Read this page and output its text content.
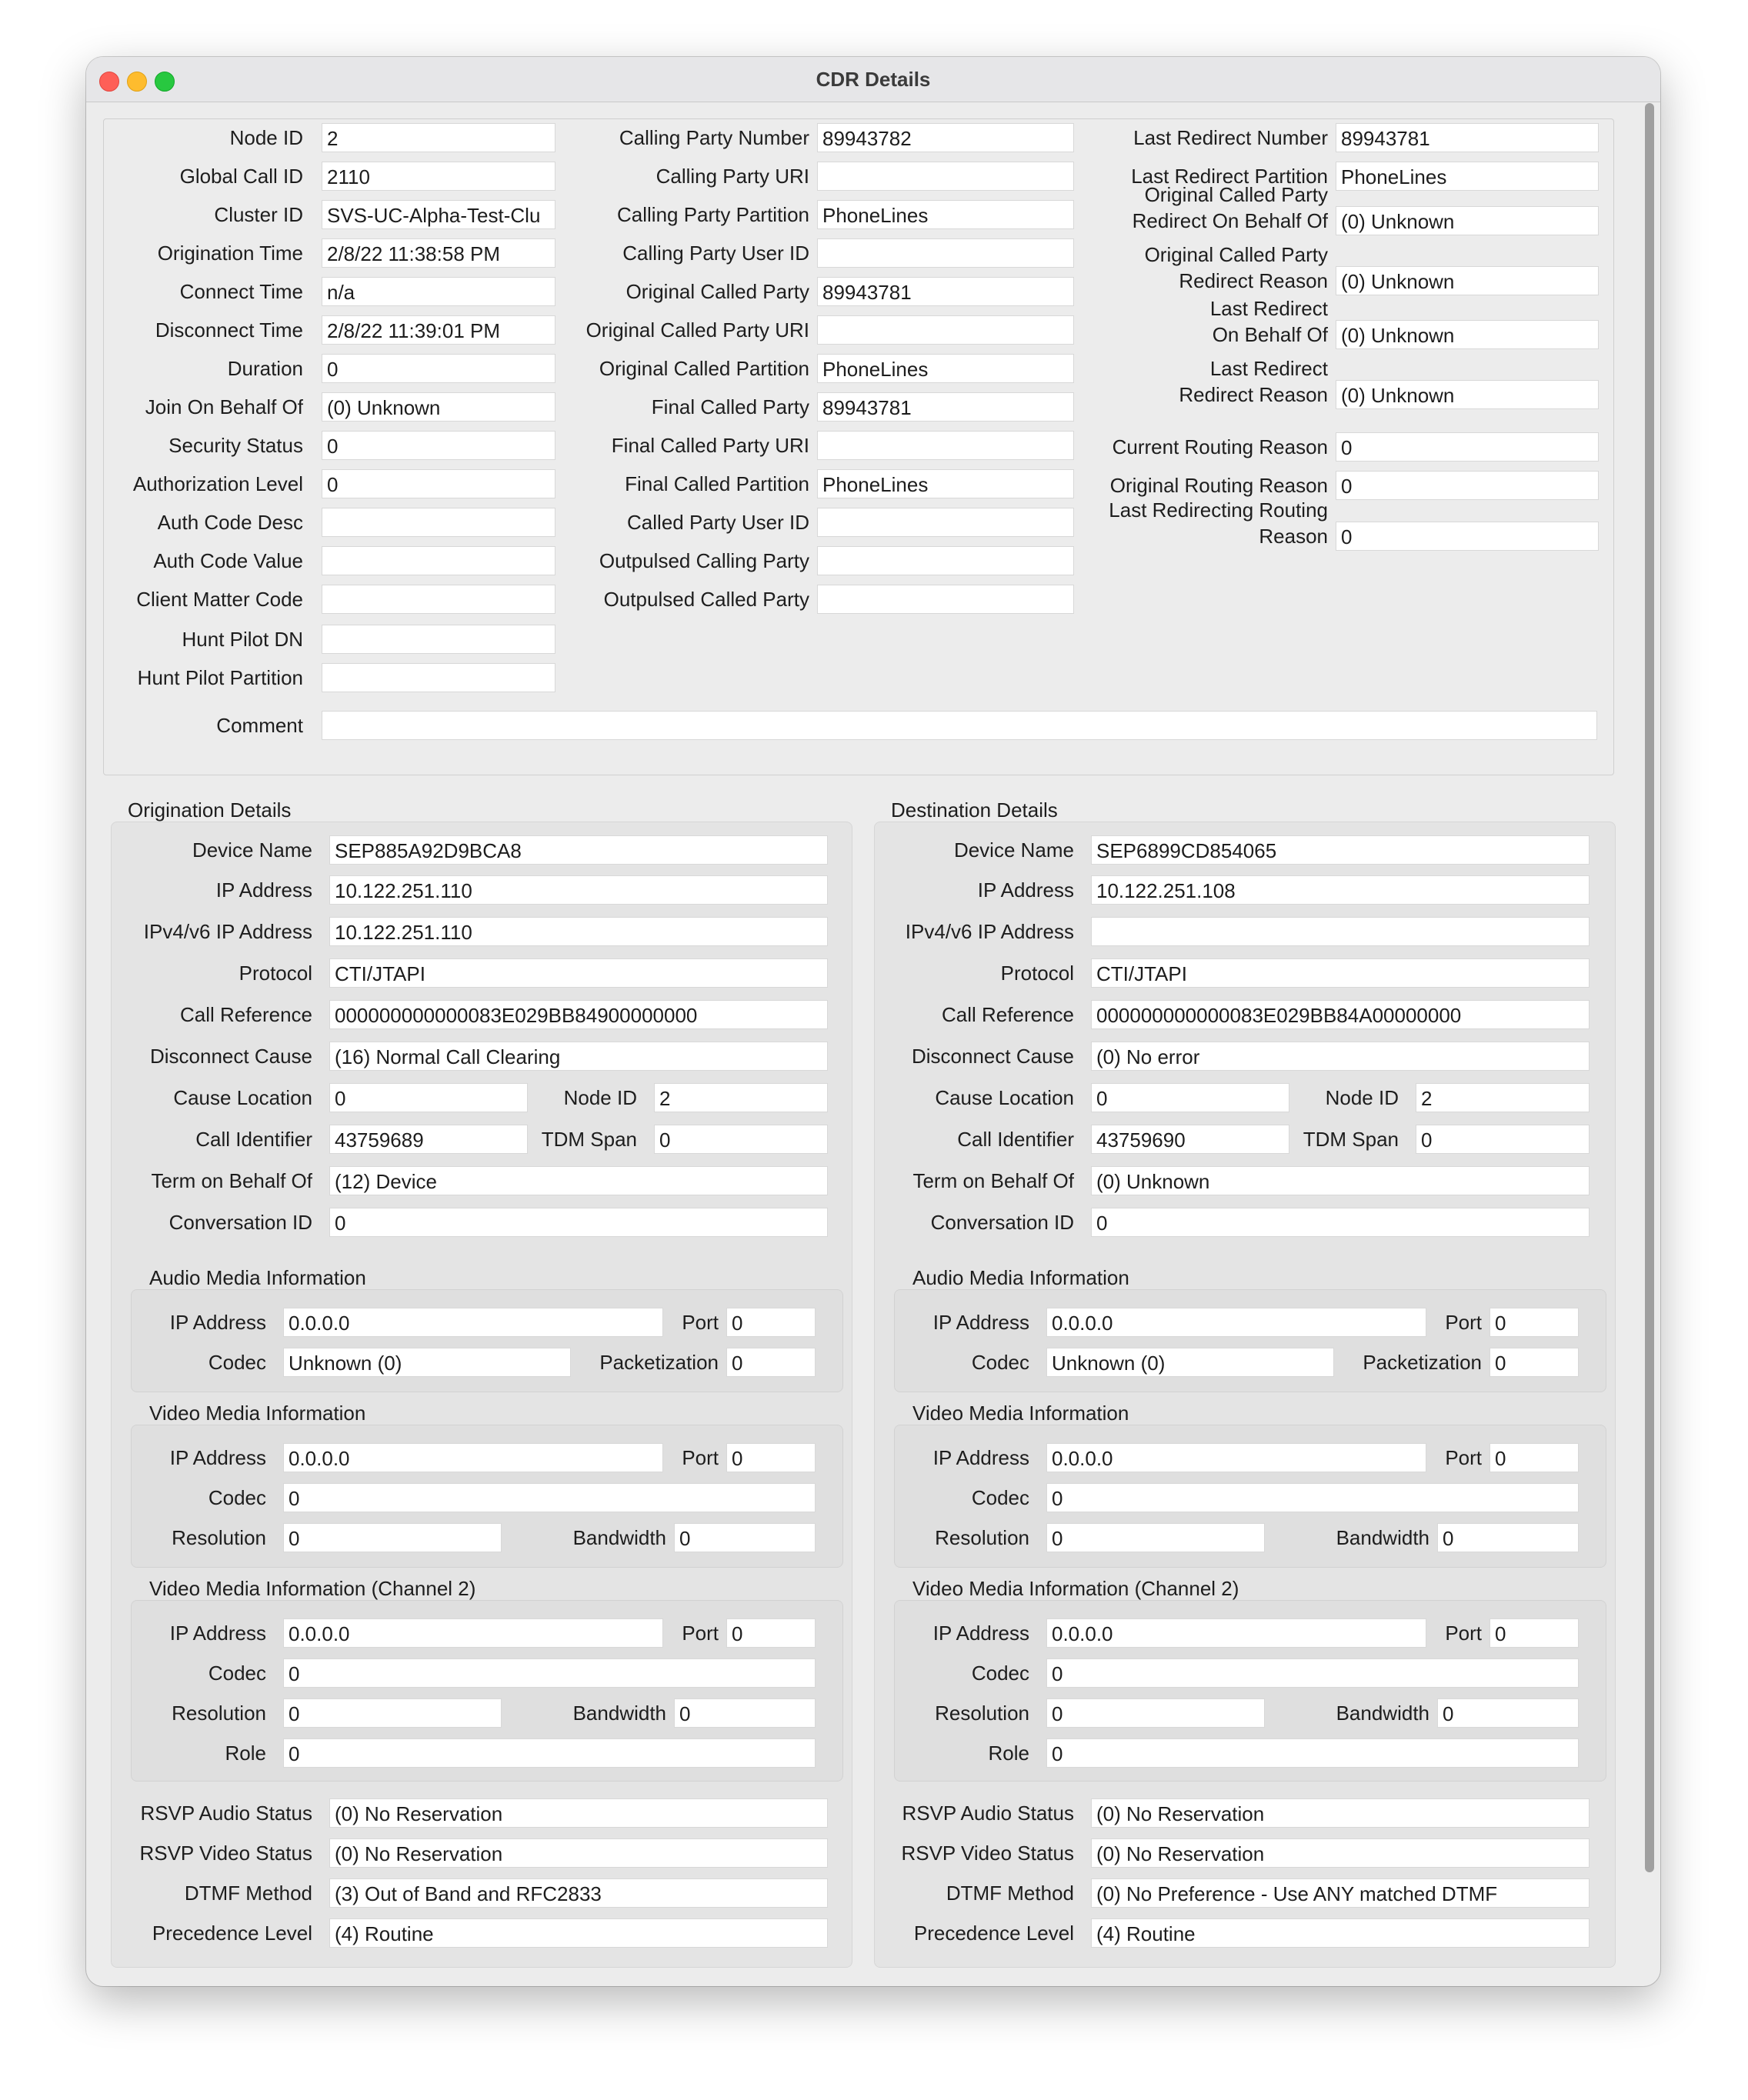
CDR Details
Node ID 2
Global Call ID 2110
Cluster ID SVS-UC-Alpha-Test-Clu
Origination Time 2/8/22 11:38:58 PM
Connect Time n/a
Disconnect Time 2/8/22 11:39:01 PM
Duration 0
Join On Behalf Of (0) Unknown
Security Status 0
Authorization Level 0
Auth Code Desc
Auth Code Value
Client Matter Code
Hunt Pilot DN
Hunt Pilot Partition
Comment
Calling Party Number 89943782
Calling Party URI
Calling Party Partition PhoneLines
Calling Party User ID
Original Called Party 89943781
Original Called Party URI
Original Called Partition PhoneLines
Final Called Party 89943781
Final Called Party URI
Final Called Partition PhoneLines
Called Party User ID
Outpulsed Calling Party
Outpulsed Called Party
Last Redirect Number 89943781
Last Redirect Partition PhoneLines
Current Routing Reason 0
Original Routing Reason 0
Original Called Party
Redirect On Behalf Of (0) Unknown
Original Called Party
Redirect Reason (0) Unknown
Last Redirect
On Behalf Of (0) Unknown
Last Redirect
Redirect Reason (0) Unknown
Last Redirecting Routing
Reason 0
Origination Details
Device Name SEP885A92D9BCA8
IP Address 10.122.251.110
IPv4/v6 IP Address 10.122.251.110
Protocol CTI/JTAPI
Call Reference 000000000000083E029BB84900000000
Disconnect Cause (16) Normal Call Clearing
Cause Location 0	Node ID 2
Call Identifier 43759689	TDM Span 0
Term on Behalf Of (12) Device
Conversation ID 0
Audio Media Information
IP Address 0.0.0.0	Port 0
Codec Unknown (0)	Packetization 0
Video Media Information
IP Address 0.0.0.0	Port 0
Codec 0
Resolution 0	Bandwidth 0
Video Media Information (Channel 2)
IP Address 0.0.0.0	Port 0
Codec 0
Resolution 0	Bandwidth 0
Role 0
RSVP Audio Status (0) No Reservation
RSVP Video Status (0) No Reservation
DTMF Method (3) Out of Band and RFC2833
Precedence Level (4) Routine
Destination Details
Device Name SEP6899CD854065
IP Address 10.122.251.108
IPv4/v6 IP Address
Protocol CTI/JTAPI
Call Reference 000000000000083E029BB84A00000000
Disconnect Cause (0) No error
Cause Location 0	Node ID 2
Call Identifier 43759690	TDM Span 0
Term on Behalf Of (0) Unknown
Conversation ID 0
Audio Media Information
IP Address 0.0.0.0	Port 0
Codec Unknown (0)	Packetization 0
Video Media Information
IP Address 0.0.0.0	Port 0
Codec 0
Resolution 0	Bandwidth 0
Video Media Information (Channel 2)
IP Address 0.0.0.0	Port 0
Codec 0
Resolution 0	Bandwidth 0
Role 0
RSVP Audio Status (0) No Reservation
RSVP Video Status (0) No Reservation
DTMF Method (0) No Preference - Use ANY matched DTMF
Precedence Level (4) Routine
